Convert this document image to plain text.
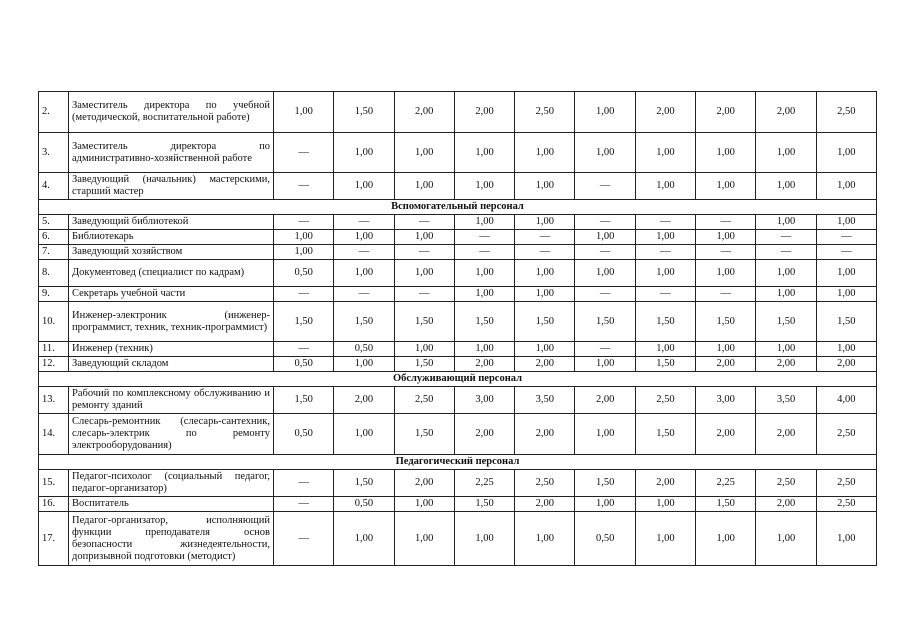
2.	Заместитель директора по учебной (методической, воспитательной работе)	1,00	1,50	2,00	2,00	2,50	1,00	2,00	2,00	2,00	2,50
3.	Заместитель директора по административно-хозяйственной работе	—	1,00	1,00	1,00	1,00	1,00	1,00	1,00	1,00	1,00
4.	Заведующий (начальник) мастерскими, старший мастер	—	1,00	1,00	1,00	1,00	—	1,00	1,00	1,00	1,00
Вспомогательный персонал											
5.	Заведующий библиотекой	—	—	—	1,00	1,00	—	—	—	1,00	1,00
6.	Библиотекарь	1,00	1,00	1,00	—	—	1,00	1,00	1,00	—	—
7.	Заведующий хозяйством	1,00	—	—	—	—	—	—	—	—	—
8.	Документовед (специалист по кадрам)	0,50	1,00	1,00	1,00	1,00	1,00	1,00	1,00	1,00	1,00
9.	Секретарь учебной части	—	—	—	1,00	1,00	—	—	—	1,00	1,00
10.	Инженер-электроник (инженер-программист, техник, техник-программист)	1,50	1,50	1,50	1,50	1,50	1,50	1,50	1,50	1,50	1,50
11.	Инженер (техник)	—	0,50	1,00	1,00	1,00	—	1,00	1,00	1,00	1,00
12.	Заведующий складом	0,50	1,00	1,50	2,00	2,00	1,00	1,50	2,00	2,00	2,00
Обслуживающий персонал											
13.	Рабочий по комплексному обслуживанию и ремонту зданий	1,50	2,00	2,50	3,00	3,50	2,00	2,50	3,00	3,50	4,00
14.	Слесарь-ремонтник (слесарь-сантехник, слесарь-электрик по ремонту электрооборудования)	0,50	1,00	1,50	2,00	2,00	1,00	1,50	2,00	2,00	2,50
Педагогический персонал											
15.	Педагог-психолог (социальный педагог, педагог-организатор)	—	1,50	2,00	2,25	2,50	1,50	2,00	2,25	2,50	2,50
16.	Воспитатель	—	0,50	1,00	1,50	2,00	1,00	1,00	1,50	2,00	2,50
17.	Педагог-организатор, исполняющий функции преподавателя основ безопасности жизнедеятельности, допризывной подготовки (методист)	—	1,00	1,00	1,00	1,00	0,50	1,00	1,00	1,00	1,00
